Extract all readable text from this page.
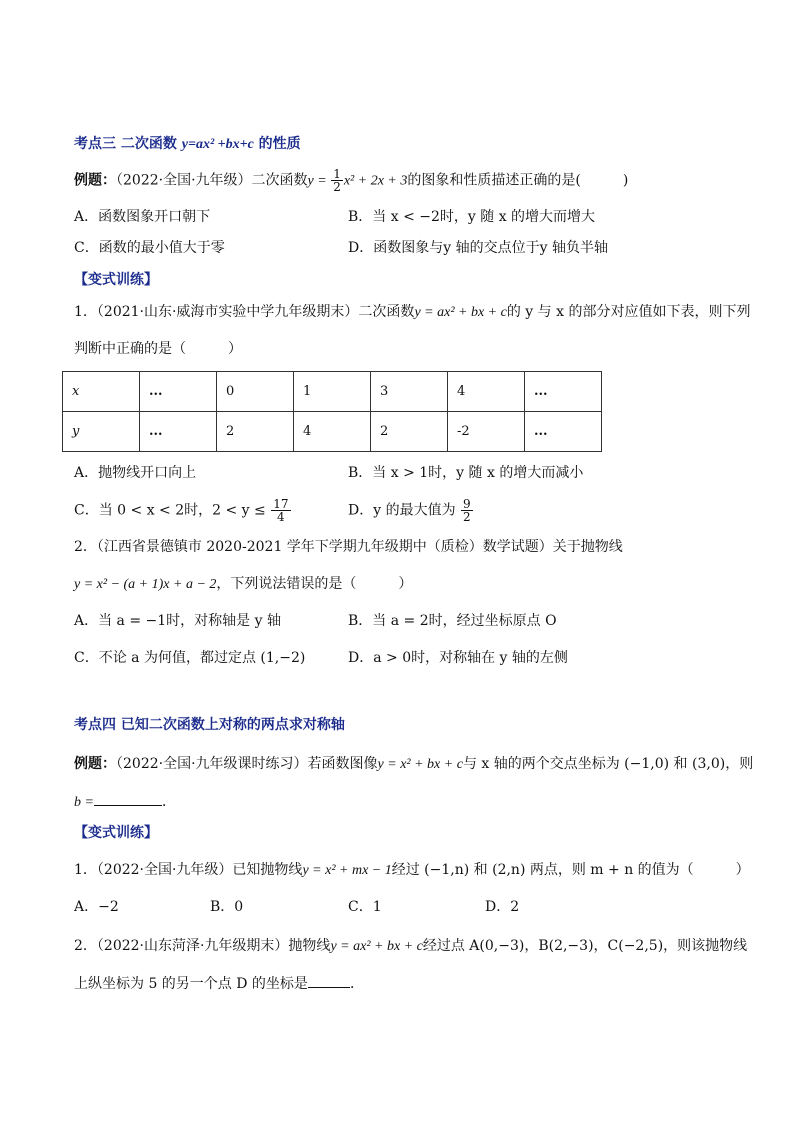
考点三 二次函数 y=ax² +bx+c 的性质
例题：（2022·全国·九年级）二次函数$y = \frac{1}{2} x^2 + 2x + 3$的图象和性质描述正确的是(　　　)
A．函数图象开口朝下	B．当 x < −2时，y 随 x 的增大而增大
C．函数的最小值大于零	D．函数图象与y 轴的交点位于y 轴负半轴
【变式训练】
1．（2021·山东·威海市实验中学九年级期末）二次函数y = ax² + bx + c的 y 与 x 的部分对应值如下表，则下列
判断中正确的是（　　　）
x	...	0	1	3	4	...
y	...	2	4	2	-2	...
A．抛物线开口向上	B．当 x > 1时，y 随 x 的增大而减小
C．当 0 < x < 2时，$2 < y \le \frac{17}{4}$	D．y 的最大值为 $\frac{9}{2}$
2．（江西省景德镇市 2020-2021 学年下学期九年级期中（质检）数学试题）关于抛物线
y = x² − (a + 1)x + a − 2，下列说法错误的是（　　　）
A．当 a = −1时，对称轴是 y 轴	B．当 a = 2时，经过坐标原点 O
C．不论 a 为何值，都过定点 (1,−2)	D．a > 0时，对称轴在 y 轴的左侧
考点四 已知二次函数上对称的两点求对称轴
例题：（2022·全国·九年级课时练习）若函数图像y = x² + bx + c与 x 轴的两个交点坐标为 (−1,0) 和 (3,0)，则
b =	．
【变式训练】
1．（2022·全国·九年级）已知抛物线y = x² + mx − 1经过 (−1,n) 和 (2,n) 两点，则 m + n 的值为（　　　）
A．−2	B．0	C．1	D．2
2．（2022·山东菏泽·九年级期末）抛物线y = ax² + bx + c经过点 A(0,−3)，B(2,−3)，C(−2,5)，则该抛物线
上纵坐标为 5 的另一个点 D 的坐标是	．
